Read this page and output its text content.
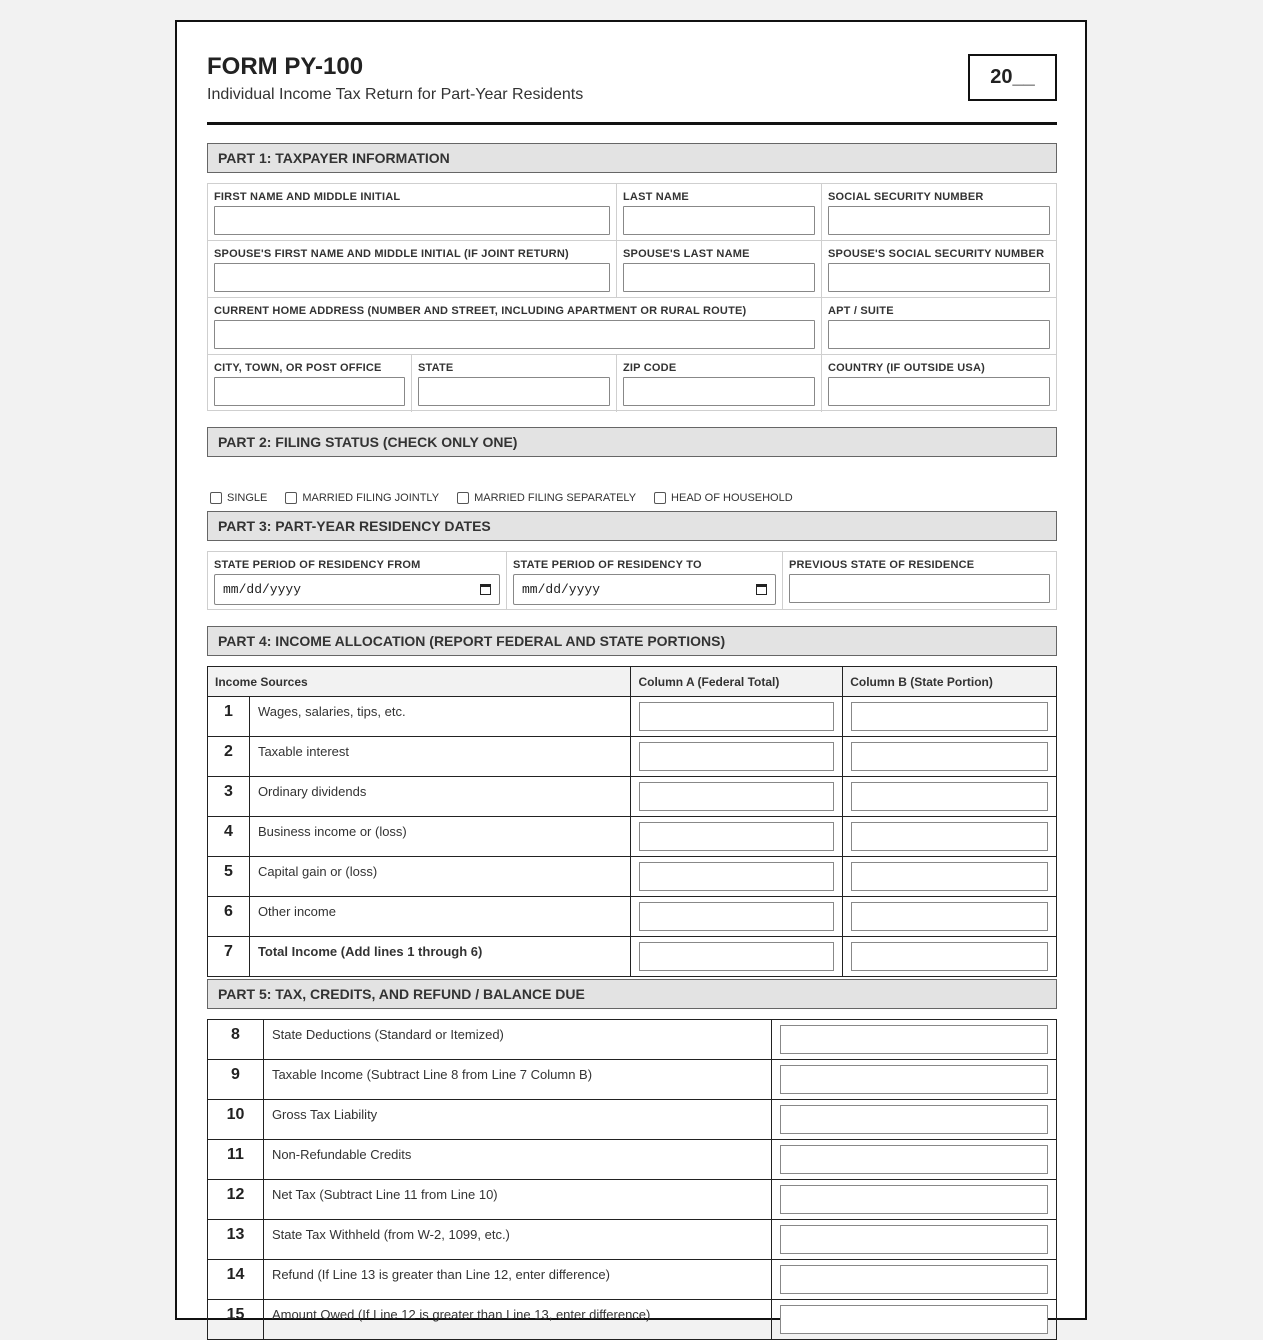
FORM PY-100
Individual Income Tax Return for Part-Year Residents
20__
PART 1: TAXPAYER INFORMATION
FIRST NAME AND MIDDLE INITIAL	LAST NAME	SOCIAL SECURITY NUMBER
SPOUSE'S FIRST NAME AND MIDDLE INITIAL (IF JOINT RETURN)	SPOUSE'S LAST NAME	SPOUSE'S SOCIAL SECURITY NUMBER
CURRENT HOME ADDRESS (NUMBER AND STREET, INCLUDING APARTMENT OR RURAL ROUTE)	APT / SUITE
CITY, TOWN, OR POST OFFICE	STATE	ZIP CODE	COUNTRY (IF OUTSIDE USA)
PART 2: FILING STATUS (CHECK ONLY ONE)
SINGLE	MARRIED FILING JOINTLY	MARRIED FILING SEPARATELY	HEAD OF HOUSEHOLD
PART 3: PART-YEAR RESIDENCY DATES
STATE PERIOD OF RESIDENCY FROM
mm/dd/yyyy
STATE PERIOD OF RESIDENCY TO
mm/dd/yyyy
PREVIOUS STATE OF RESIDENCE
PART 4: INCOME ALLOCATION (REPORT FEDERAL AND STATE PORTIONS)
Income Sources		Column A (Federal Total)	Column B (State Portion)
1	Wages, salaries, tips, etc.	

2	Taxable interest	

3	Ordinary dividends	

4	Business income or (loss)	

5	Capital gain or (loss)	

6	Other income	

7	Total Income (Add lines 1 through 6)	

PART 5: TAX, CREDITS, AND REFUND / BALANCE DUE
8	State Deductions (Standard or Itemized)	

9	Taxable Income (Subtract Line 8 from Line 7 Column B)	

10	Gross Tax Liability	

11	Non-Refundable Credits	

12	Net Tax (Subtract Line 11 from Line 10)	

13	State Tax Withheld (from W-2, 1099, etc.)	

14	Refund (If Line 13 is greater than Line 12, enter difference)	

15	Amount Owed (If Line 12 is greater than Line 13, enter difference)	
